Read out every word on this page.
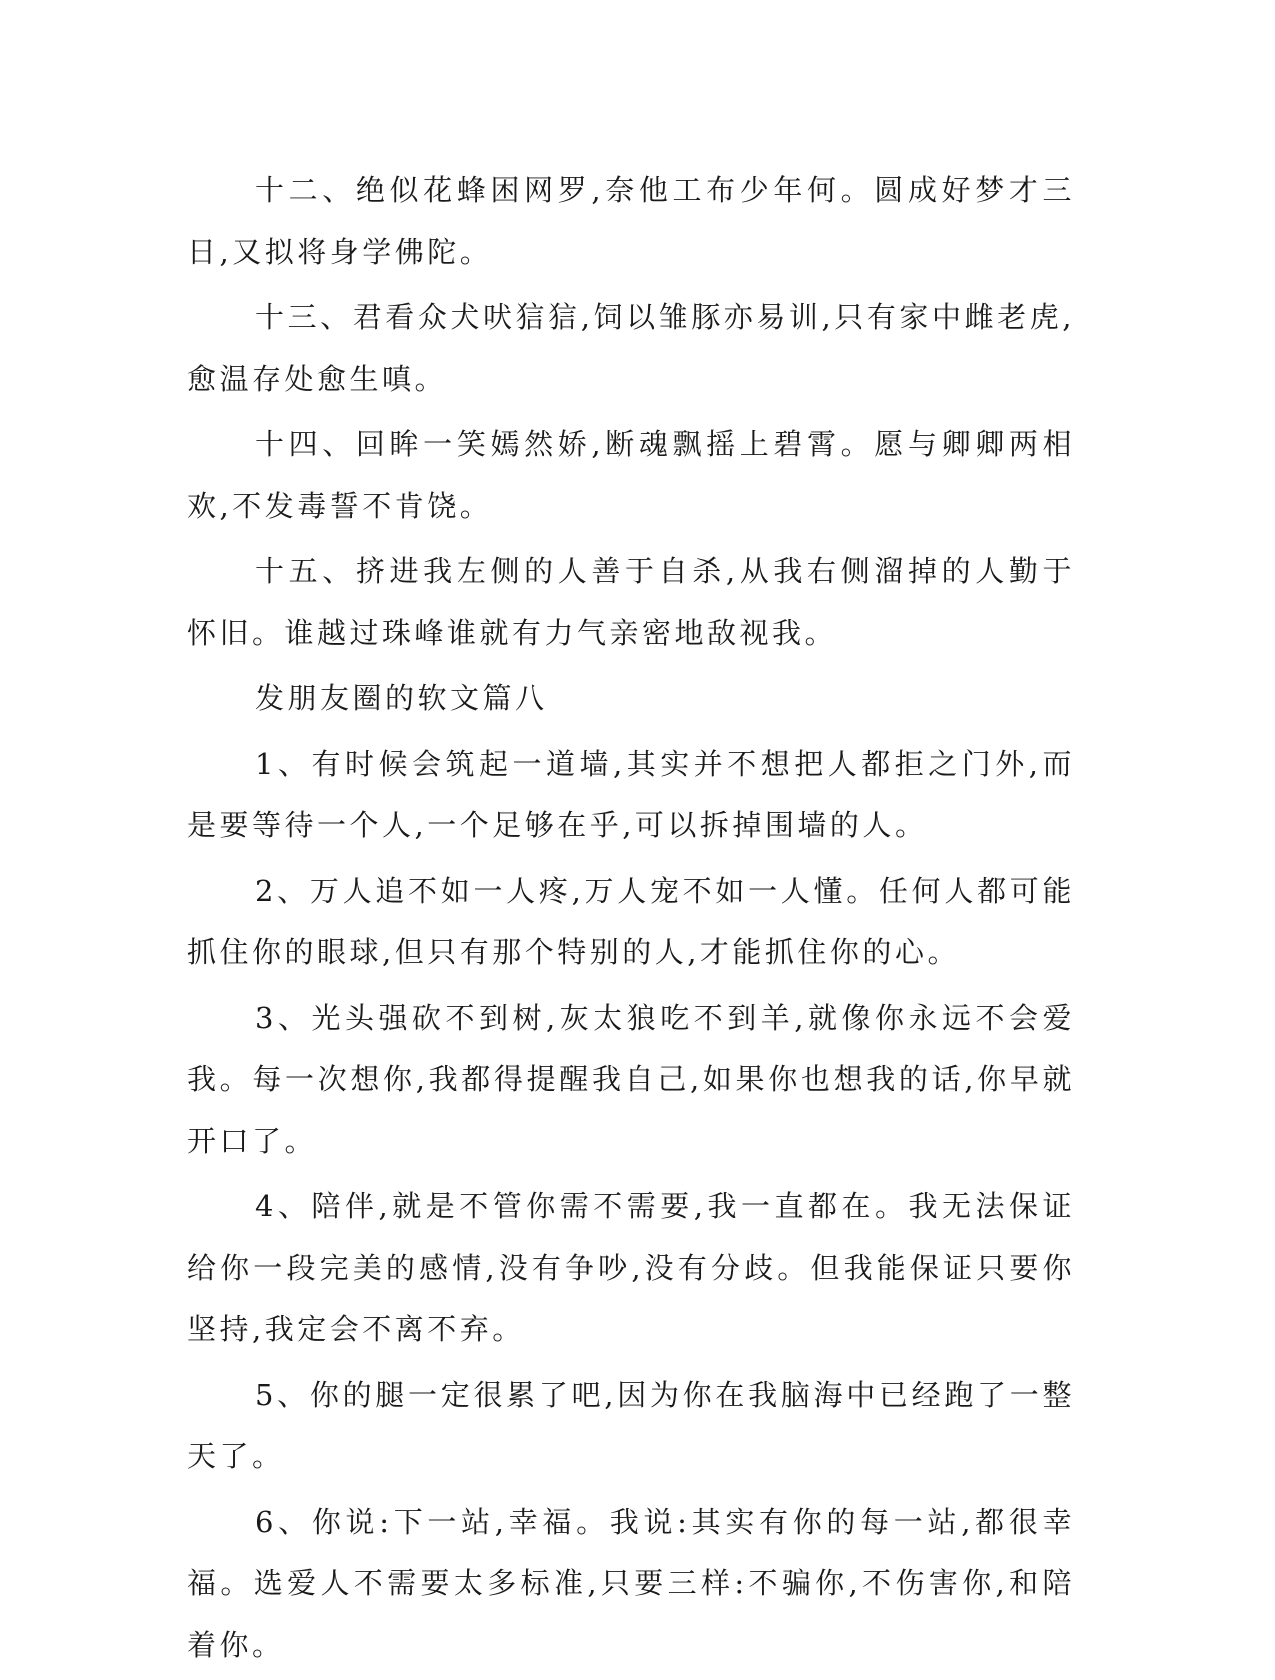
十二、绝似花蜂困网罗,奈他工布少年何。圆成好梦才三日,又拟将身学佛陀。

十三、君看众犬吠狺狺,饲以雏豚亦易训,只有家中雌老虎,愈温存处愈生嗔。

十四、回眸一笑嫣然娇,断魂飘摇上碧霄。愿与卿卿两相欢,不发毒誓不肯饶。

十五、挤进我左侧的人善于自杀,从我右侧溜掉的人勤于怀旧。谁越过珠峰谁就有力气亲密地敌视我。

发朋友圈的软文篇八

1、有时候会筑起一道墙,其实并不想把人都拒之门外,而是要等待一个人,一个足够在乎,可以拆掉围墙的人。

2、万人追不如一人疼,万人宠不如一人懂。任何人都可能抓住你的眼球,但只有那个特别的人,才能抓住你的心。

3、光头强砍不到树,灰太狼吃不到羊,就像你永远不会爱我。每一次想你,我都得提醒我自己,如果你也想我的话,你早就开口了。

4、陪伴,就是不管你需不需要,我一直都在。我无法保证给你一段完美的感情,没有争吵,没有分歧。但我能保证只要你坚持,我定会不离不弃。

5、你的腿一定很累了吧,因为你在我脑海中已经跑了一整天了。

6、你说:下一站,幸福。我说:其实有你的每一站,都很幸福。选爱人不需要太多标准,只要三样:不骗你,不伤害你,和陪着你。
